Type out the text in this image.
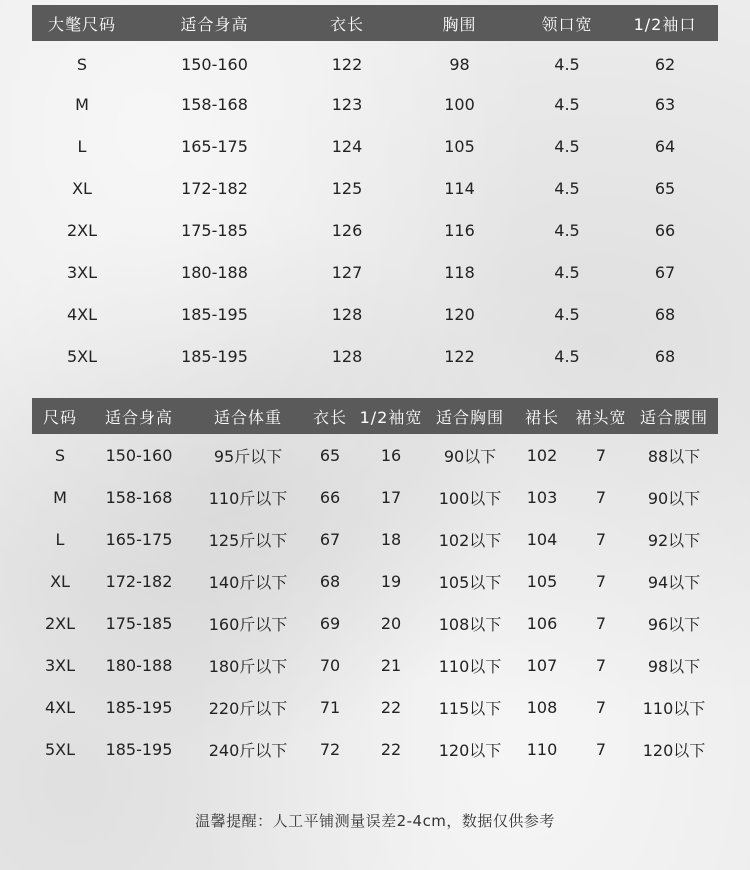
大氅尺码	适合身高	衣长	胸围	领口宽	1/2袖口
S	150-160	122	98	4.5	62
M	158-168	123	100	4.5	63
L	165-175	124	105	4.5	64
XL	172-182	125	114	4.5	65
2XL	175-185	126	116	4.5	66
3XL	180-188	127	118	4.5	67
4XL	185-195	128	120	4.5	68
5XL	185-195	128	122	4.5	68
尺码	适合身高	适合体重	衣长	1/2袖宽	适合胸围	裙长	裙头宽	适合腰围
S	150-160	95斤以下	65	16	90以下	102	7	88以下
M	158-168	110斤以下	66	17	100以下	103	7	90以下
L	165-175	125斤以下	67	18	102以下	104	7	92以下
XL	172-182	140斤以下	68	19	105以下	105	7	94以下
2XL	175-185	160斤以下	69	20	108以下	106	7	96以下
3XL	180-188	180斤以下	70	21	110以下	107	7	98以下
4XL	185-195	220斤以下	71	22	115以下	108	7	110以下
5XL	185-195	240斤以下	72	22	120以下	110	7	120以下
温馨提醒：人工平铺测量误差2-4cm，数据仅供参考
